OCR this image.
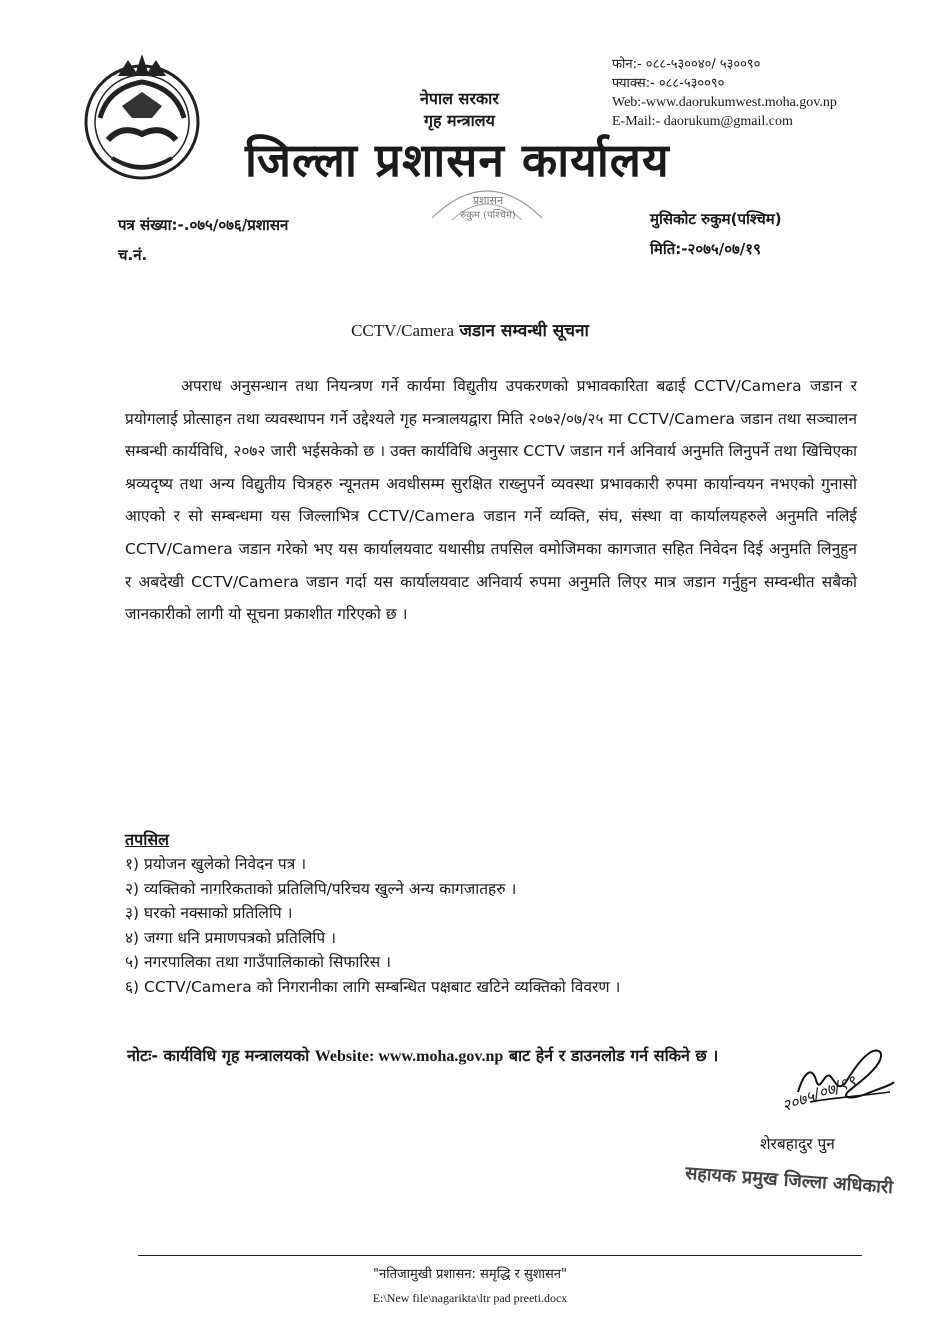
नेपाल सरकार
गृह मन्त्रालय
फोन:- ०८८-५३००४०/ ५३००९०
फ्याक्स:- ०८८-५३००९०
Web:-www.daorukumwest.moha.gov.np
E-Mail:- daorukum@gmail.com
जिल्ला प्रशासन कार्यालय
प्रशासन
रुकुम (पश्चिम)
पत्र संख्या:-.०७५/०७६/प्रशासन
च.नं.
मुसिकोट रुकुम(पश्चिम)
मिति:-२०७५/०७/१९
CCTV/Camera जडान सम्वन्धी सूचना

अपराध अनुसन्धान तथा नियन्त्रण गर्ने कार्यमा विद्युतीय उपकरणको प्रभावकारिता बढाई CCTV/Camera जडान र प्रयोगलाई प्रोत्साहन तथा व्यवस्थापन गर्ने उद्देश्यले गृह मन्त्रालयद्वारा मिति २०७२/०७/२५ मा CCTV/Camera जडान तथा सञ्चालन सम्बन्धी कार्यविधि, २०७२ जारी भईसकेको छ । उक्त कार्यविधि अनुसार CCTV जडान गर्न अनिवार्य अनुमति लिनुपर्ने तथा खिचिएका श्रव्यदृष्य तथा अन्य विद्युतीय चित्रहरु न्यूनतम अवधीसम्म सुरक्षित राख्नुपर्ने व्यवस्था प्रभावकारी रुपमा कार्यान्वयन नभएको गुनासो आएको र सो सम्बन्धमा यस जिल्लाभित्र CCTV/Camera जडान गर्ने व्यक्ति, संघ, संस्था वा कार्यालयहरुले अनुमति नलिई CCTV/Camera जडान गरेको भए यस कार्यालयवाट यथासीघ्र तपसिल वमोजिमका कागजात सहित निवेदन दिई अनुमति लिनुहुन र अबदेखी CCTV/Camera जडान गर्दा यस कार्यालयवाट अनिवार्य रुपमा अनुमति लिएर मात्र जडान गर्नुहुन सम्वन्धीत सबैको जानकारीको लागी यो सूचना प्रकाशीत गरिएको छ ।

तपसिल
१) प्रयोजन खुलेको निवेदन पत्र ।
२) व्यक्तिको नागरिकताको प्रतिलिपि/परिचय खुल्ने अन्य कागजातहरु ।
३) घरको नक्साको प्रतिलिपि ।
४) जग्गा धनि प्रमाणपत्रको प्रतिलिपि ।
५) नगरपालिका तथा गाउँपालिकाको सिफारिस ।
६) CCTV/Camera को निगरानीका लागि सम्बन्धित पक्षबाट खटिने व्यक्तिको विवरण ।
नोटः- कार्यविधि गृह मन्त्रालयको Website: www.moha.gov.np बाट हेर्न र डाउनलोड गर्न सकिने छ ।
२०७५/०७/१९
शेरबहादुर पुन
सहायक प्रमुख जिल्ला अधिकारी
"नतिजामुखी प्रशासन: समृद्धि र सुशासन"
E:\New file\nagarikta\ltr pad preeti.docx
